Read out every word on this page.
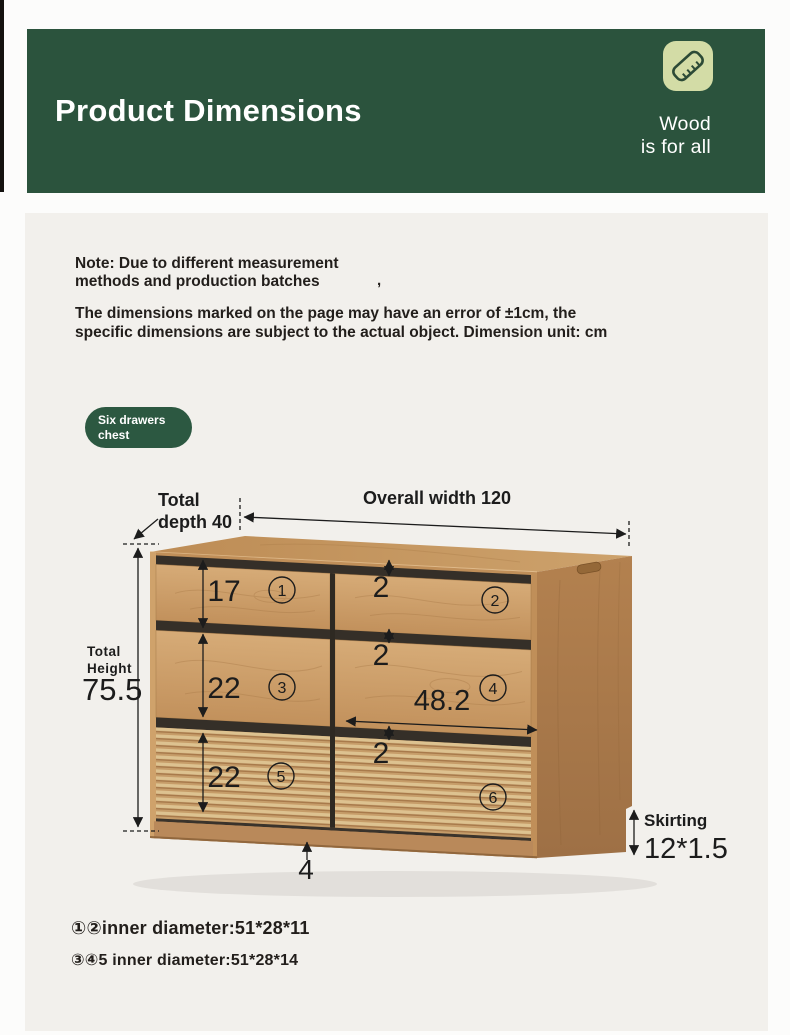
Product Dimensions	Wood
is for all
Note: Due to different measurement
methods and production batches	,
The dimensions marked on the page may have an error of ±1cm, the
specific dimensions are subject to the actual object. Dimension unit: cm
Six drawers
chest
1
2
3	4
5
6
Total
depth 40
Overall width 120
Total
Height
75.5
17
22
22
2
2
2
48.2
4
Skirting
12*1.5
①②inner diameter:51*28*11
③④5 inner diameter:51*28*14
